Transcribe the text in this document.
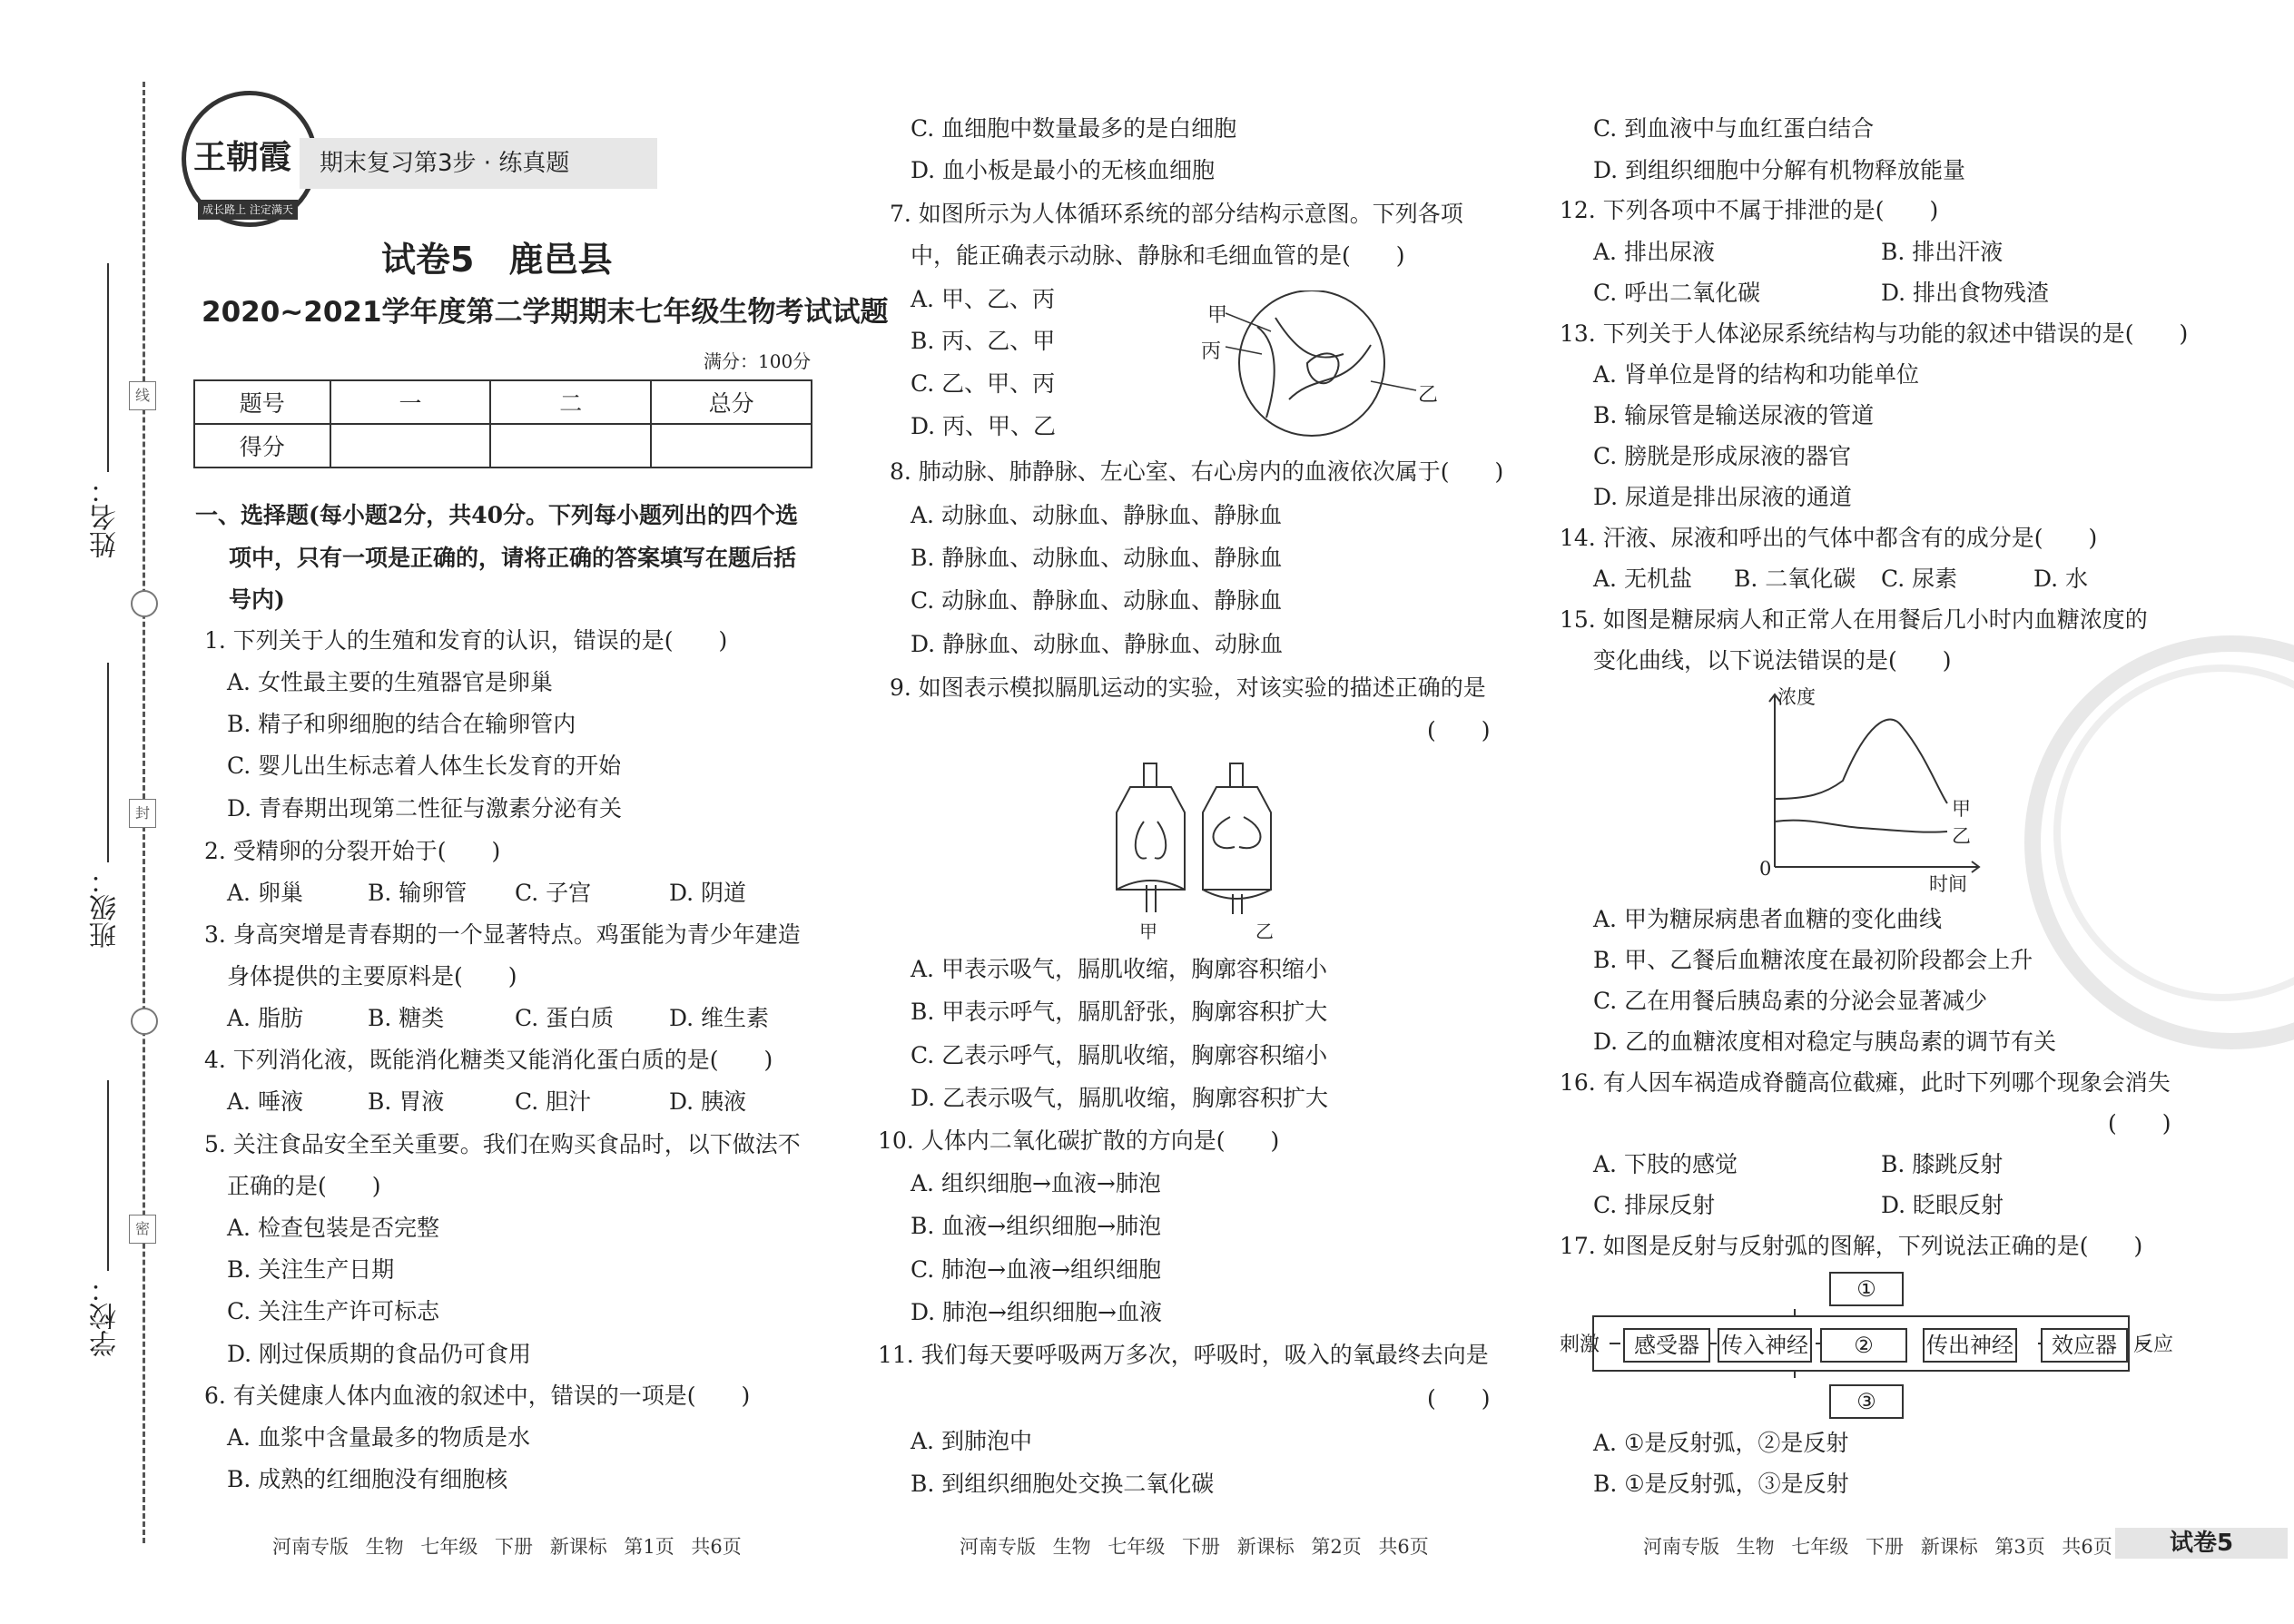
线
封
密
姓名：
班级：
学校：
王朝霞
成长路上 注定满天
期末复习第3步 · 练真题
试卷5　鹿邑县
2020~2021学年度第二学期期末七年级生物考试试题
满分：100分
题号	一	二	总分
得分			
一、选择题(每小题2分，共40分。下列每小题列出的四个选
项中，只有一项是正确的，请将正确的答案填写在题后括
号内)
1. 下列关于人的生殖和发育的认识，错误的是(　　)
A. 女性最主要的生殖器官是卵巢
B. 精子和卵细胞的结合在输卵管内
C. 婴儿出生标志着人体生长发育的开始
D. 青春期出现第二性征与激素分泌有关
2. 受精卵的分裂开始于(　　)
A. 卵巢	B. 输卵管 C. 子宫	D. 阴道
3. 身高突增是青春期的一个显著特点。鸡蛋能为青少年建造
身体提供的主要原料是(　　)
A. 脂肪	B. 糖类	C. 蛋白质 D. 维生素
4. 下列消化液，既能消化糖类又能消化蛋白质的是(　　)
A. 唾液	B. 胃液	C. 胆汁	D. 胰液
5. 关注食品安全至关重要。我们在购买食品时，以下做法不
正确的是(　　)
A. 检查包装是否完整
B. 关注生产日期
C. 关注生产许可标志
D. 刚过保质期的食品仍可食用
6. 有关健康人体内血液的叙述中，错误的一项是(　　)
A. 血浆中含量最多的物质是水
B. 成熟的红细胞没有细胞核
河南专版 生物 七年级 下册 新课标 第1页 共6页
C. 血细胞中数量最多的是白细胞
D. 血小板是最小的无核血细胞
7. 如图所示为人体循环系统的部分结构示意图。下列各项
中，能正确表示动脉、静脉和毛细血管的是(　　)
A. 甲、乙、丙
B. 丙、乙、甲
C. 乙、甲、丙
D. 丙、甲、乙
甲
丙
乙
8. 肺动脉、肺静脉、左心室、右心房内的血液依次属于(　　)
A. 动脉血、动脉血、静脉血、静脉血
B. 静脉血、动脉血、动脉血、静脉血
C. 动脉血、静脉血、动脉血、静脉血
D. 静脉血、动脉血、静脉血、动脉血
9. 如图表示模拟膈肌运动的实验，对该实验的描述正确的是
(　　)
甲	乙
A. 甲表示吸气，膈肌收缩，胸廓容积缩小
B. 甲表示呼气，膈肌舒张，胸廓容积扩大
C. 乙表示呼气，膈肌收缩，胸廓容积缩小
D. 乙表示吸气，膈肌收缩，胸廓容积扩大
10. 人体内二氧化碳扩散的方向是(　　)
A. 组织细胞→血液→肺泡
B. 血液→组织细胞→肺泡
C. 肺泡→血液→组织细胞
D. 肺泡→组织细胞→血液
11. 我们每天要呼吸两万多次，呼吸时，吸入的氧最终去向是
(　　)
A. 到肺泡中
B. 到组织细胞处交换二氧化碳
河南专版 生物 七年级 下册 新课标 第2页 共6页
C. 到血液中与血红蛋白结合
D. 到组织细胞中分解有机物释放能量
12. 下列各项中不属于排泄的是(　　)
A. 排出尿液	B. 排出汗液
C. 呼出二氧化碳	D. 排出食物残渣
13. 下列关于人体泌尿系统结构与功能的叙述中错误的是(　　)
A. 肾单位是肾的结构和功能单位
B. 输尿管是输送尿液的管道
C. 膀胱是形成尿液的器官
D. 尿道是排出尿液的通道
14. 汗液、尿液和呼出的气体中都含有的成分是(　　)
A. 无机盐 B. 二氧化碳 C. 尿素	D. 水
15. 如图是糖尿病人和正常人在用餐后几小时内血糖浓度的
变化曲线，以下说法错误的是(　　)
浓度
时间
0
甲
乙
A. 甲为糖尿病患者血糖的变化曲线
B. 甲、乙餐后血糖浓度在最初阶段都会上升
C. 乙在用餐后胰岛素的分泌会显著减少
D. 乙的血糖浓度相对稳定与胰岛素的调节有关
16. 有人因车祸造成脊髓高位截瘫，此时下列哪个现象会消失
(　　)
A. 下肢的感觉	B. 膝跳反射
C. 排尿反射	D. 眨眼反射
17. 如图是反射与反射弧的图解，下列说法正确的是(　　)
①
刺激	感受器	传入神经	②	传出神经	效应器 反应
③
A. ①是反射弧，②是反射
B. ①是反射弧，③是反射
河南专版 生物 七年级 下册 新课标 第3页 共6页	试卷5
